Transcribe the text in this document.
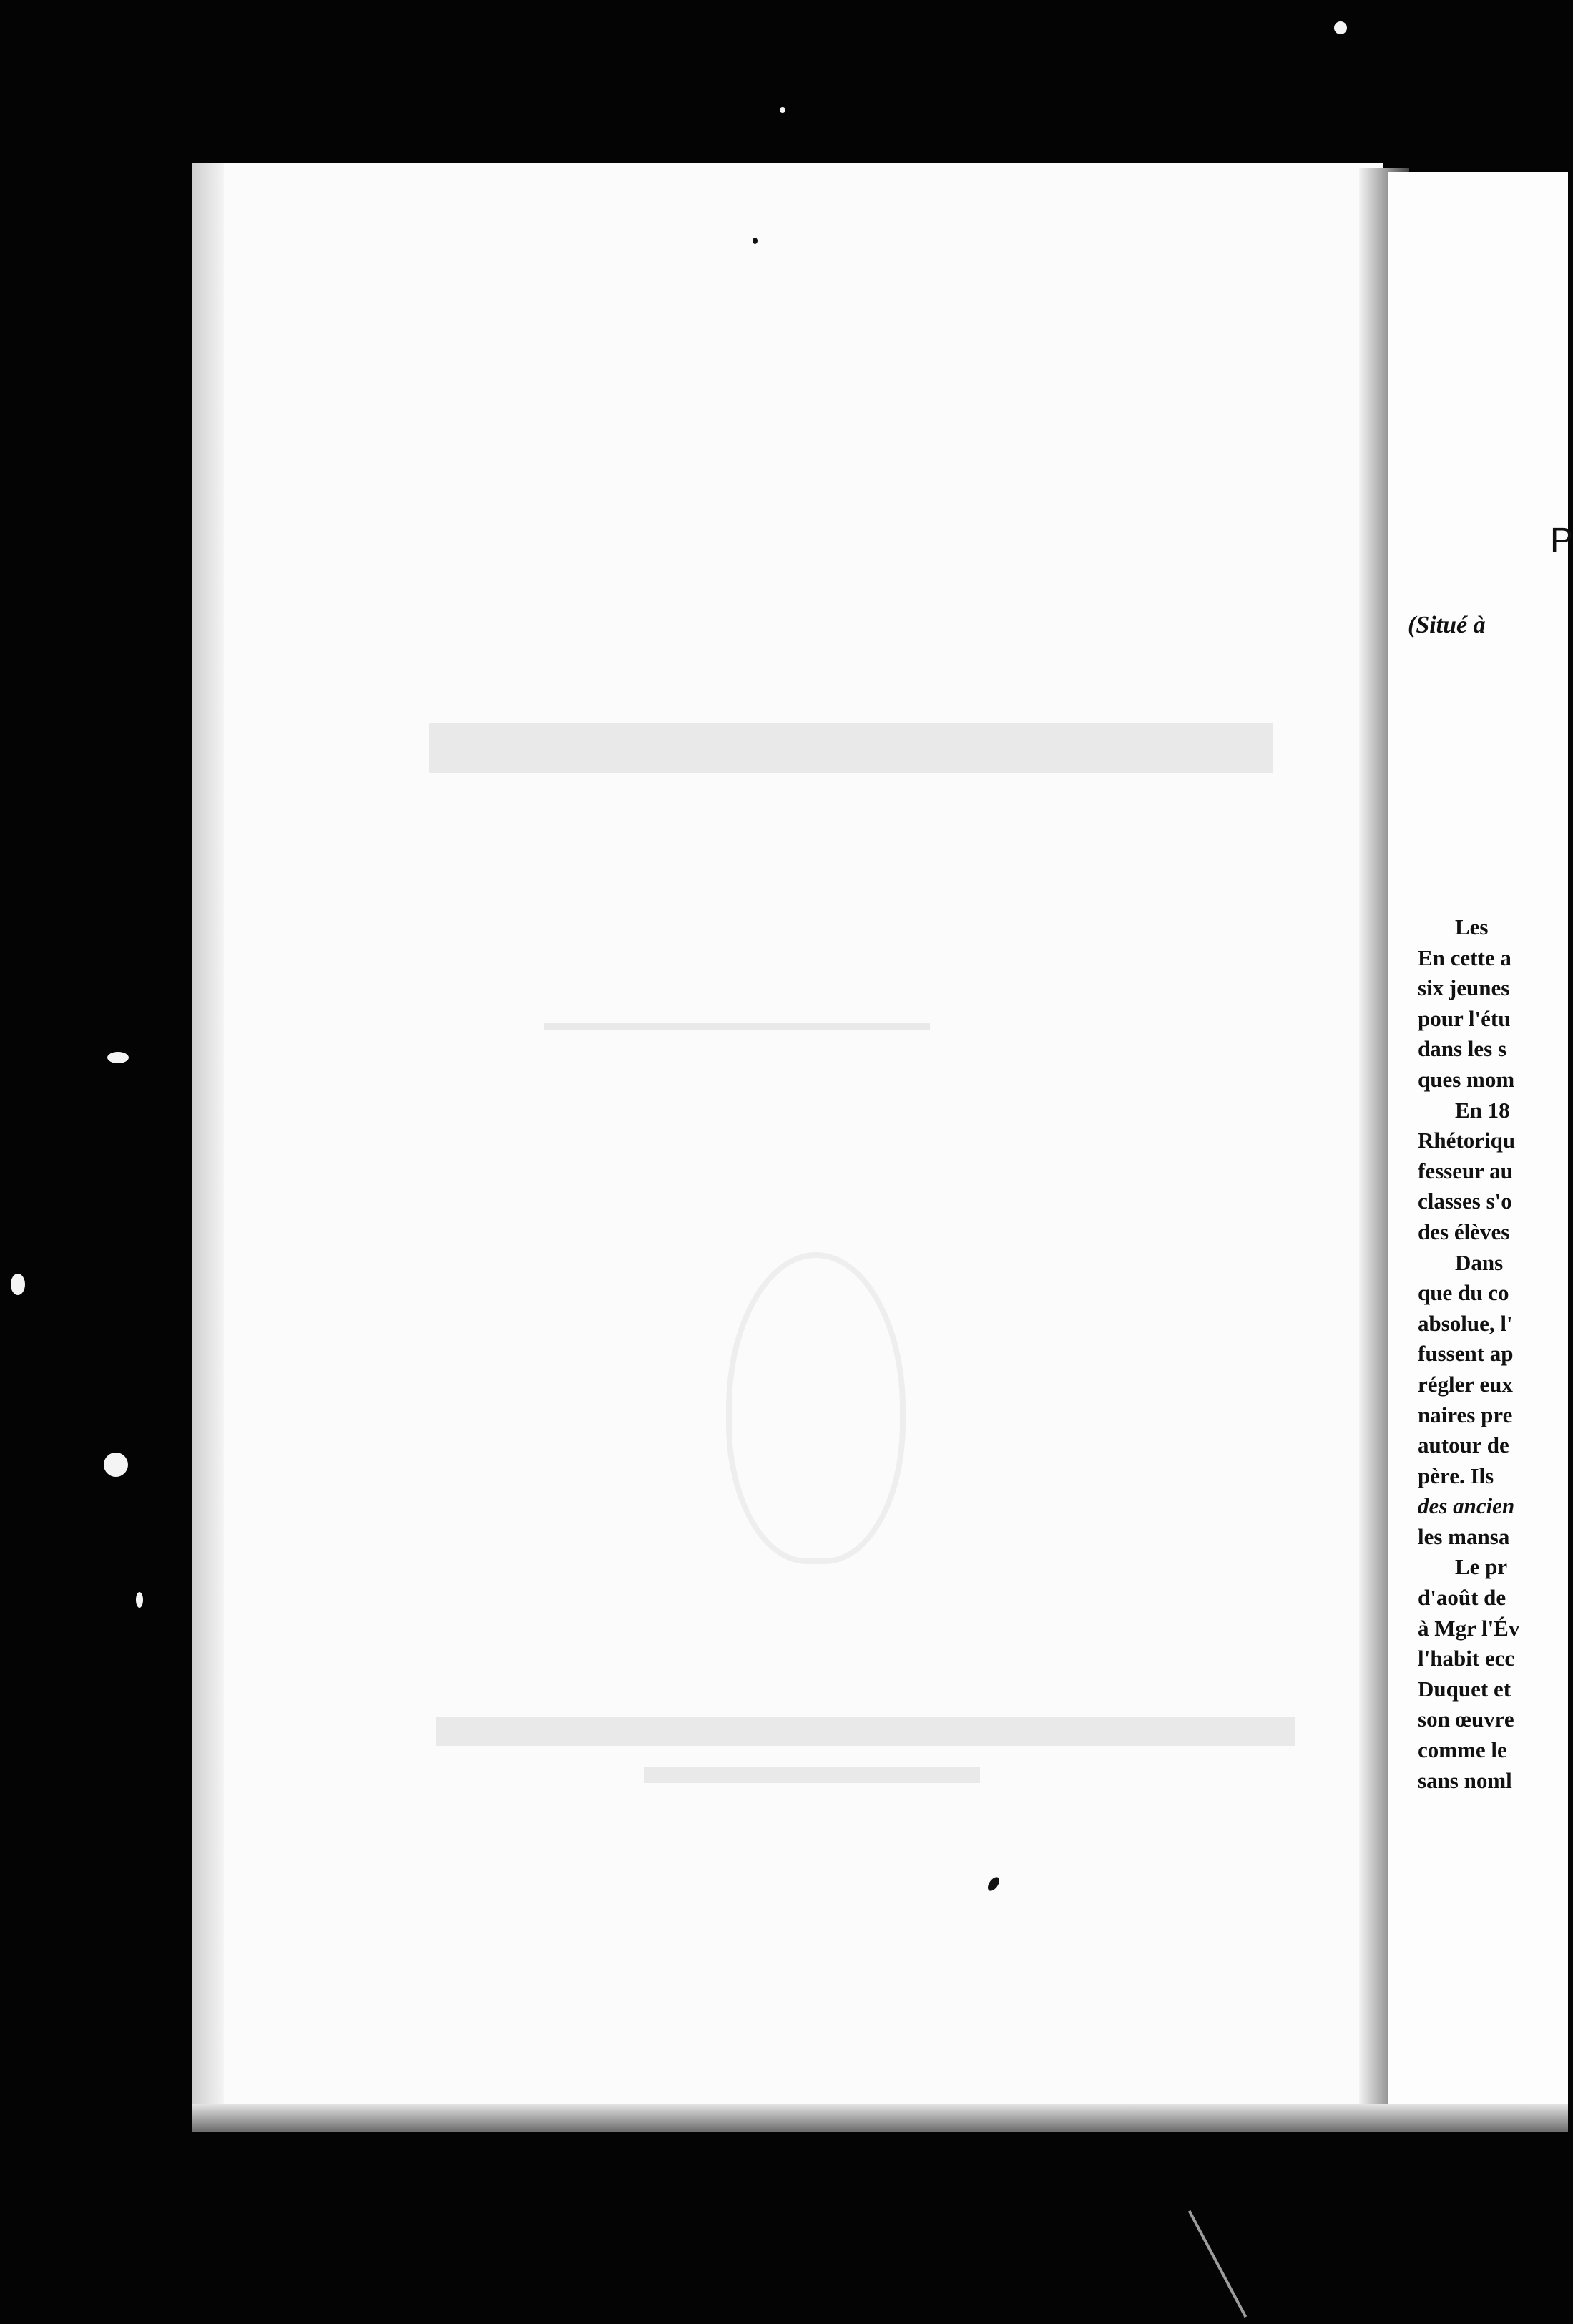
P
(Situé à
Les
En cette a
six jeunes
pour l'étu
dans les s
ques mom
En 18
Rhétoriqu
fesseur au
classes s'o
des élèves
Dans
que du co
absolue, l'
fussent ap
régler eux
naires pre
autour de
père. Ils
des ancien
les mansa
Le pr
d'août de
à Mgr l'Év
l'habit ecc
Duquet et
son œuvre
comme le
sans noml
